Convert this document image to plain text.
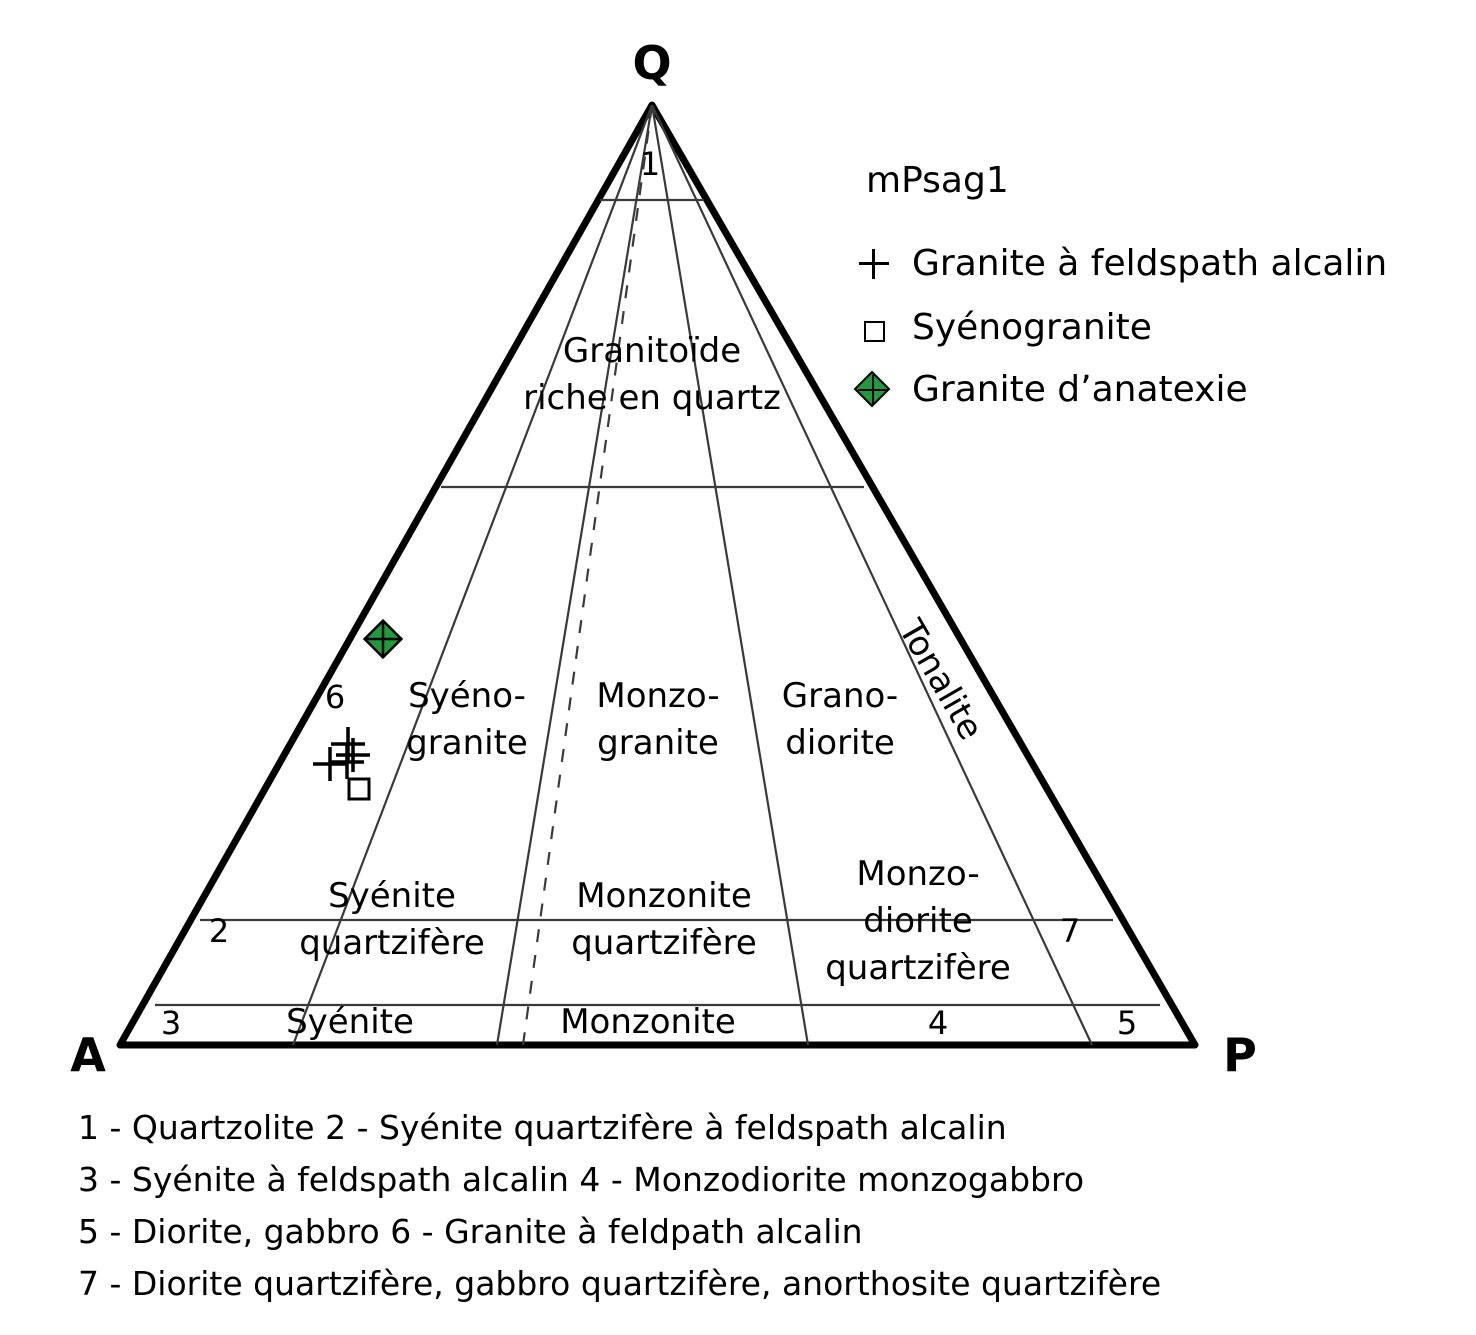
Q
A	P
1
Granitoïde
riche en quartz
6	Syéno-
granite
Monzo-
granite
Grano-
diorite
Tonalite
2
Syénite
quartzifère
Monzonite
quartzifère
Monzo-
diorite
quartzifère
7
3	Syénite	Monzonite	4	5
mPsag1
Granite à feldspath alcalin
Syénogranite
Granite d’anatexie
1 - Quartzolite 2 - Syénite quartzifère à feldspath alcalin
3 - Syénite à feldspath alcalin 4 - Monzodiorite monzogabbro
5 - Diorite, gabbro 6 - Granite à feldpath alcalin
7 - Diorite quartzifère, gabbro quartzifère, anorthosite quartzifère
